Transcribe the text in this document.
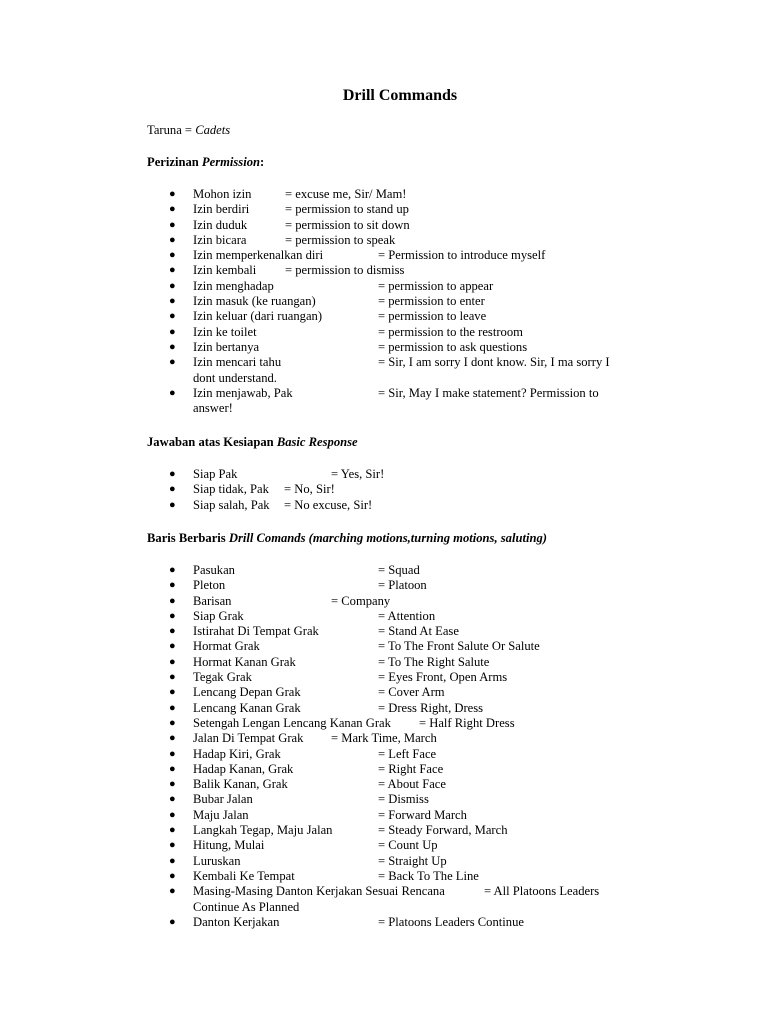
Drill Commands
Taruna = Cadets
Perizinan Permission:
● Mohon izin	= excuse me, Sir/ Mam!
● Izin berdiri	= permission to stand up
● Izin duduk	= permission to sit down
● Izin bicara	= permission to speak
● Izin memperkenalkan diri	= Permission to introduce myself
● Izin kembali = permission to dismiss
● Izin menghadap	= permission to appear
● Izin masuk (ke ruangan)	= permission to enter
● Izin keluar (dari ruangan)	= permission to leave
● Izin ke toilet	= permission to the restroom
● Izin bertanya	= permission to ask questions
● Izin mencari tahu	= Sir, I am sorry I dont know. Sir, I ma sorry I
dont understand.
● Izin menjawab, Pak	= Sir, May I make statement? Permission to
answer!
Jawaban atas Kesiapan Basic Response
● Siap Pak	= Yes, Sir!
● Siap tidak, Pak = No, Sir!
● Siap salah, Pak = No excuse, Sir!
Baris Berbaris Drill Comands (marching motions,turning motions, saluting)
● Pasukan	= Squad
● Pleton	= Platoon
● Barisan	= Company
● Siap Grak	= Attention
● Istirahat Di Tempat Grak	= Stand At Ease
● Hormat Grak	= To The Front Salute Or Salute
● Hormat Kanan Grak	= To The Right Salute
● Tegak Grak	= Eyes Front, Open Arms
● Lencang Depan Grak	= Cover Arm
● Lencang Kanan Grak	= Dress Right, Dress
● Setengah Lengan Lencang Kanan Grak = Half Right Dress
● Jalan Di Tempat Grak = Mark Time, March
● Hadap Kiri, Grak	= Left Face
● Hadap Kanan, Grak	= Right Face
● Balik Kanan, Grak	= About Face
● Bubar Jalan	= Dismiss
● Maju Jalan	= Forward March
● Langkah Tegap, Maju Jalan	= Steady Forward, March
● Hitung, Mulai	= Count Up
● Luruskan	= Straight Up
● Kembali Ke Tempat	= Back To The Line
● Masing-Masing Danton Kerjakan Sesuai Rencana	= All Platoons Leaders
Continue As Planned
● Danton Kerjakan	= Platoons Leaders Continue
